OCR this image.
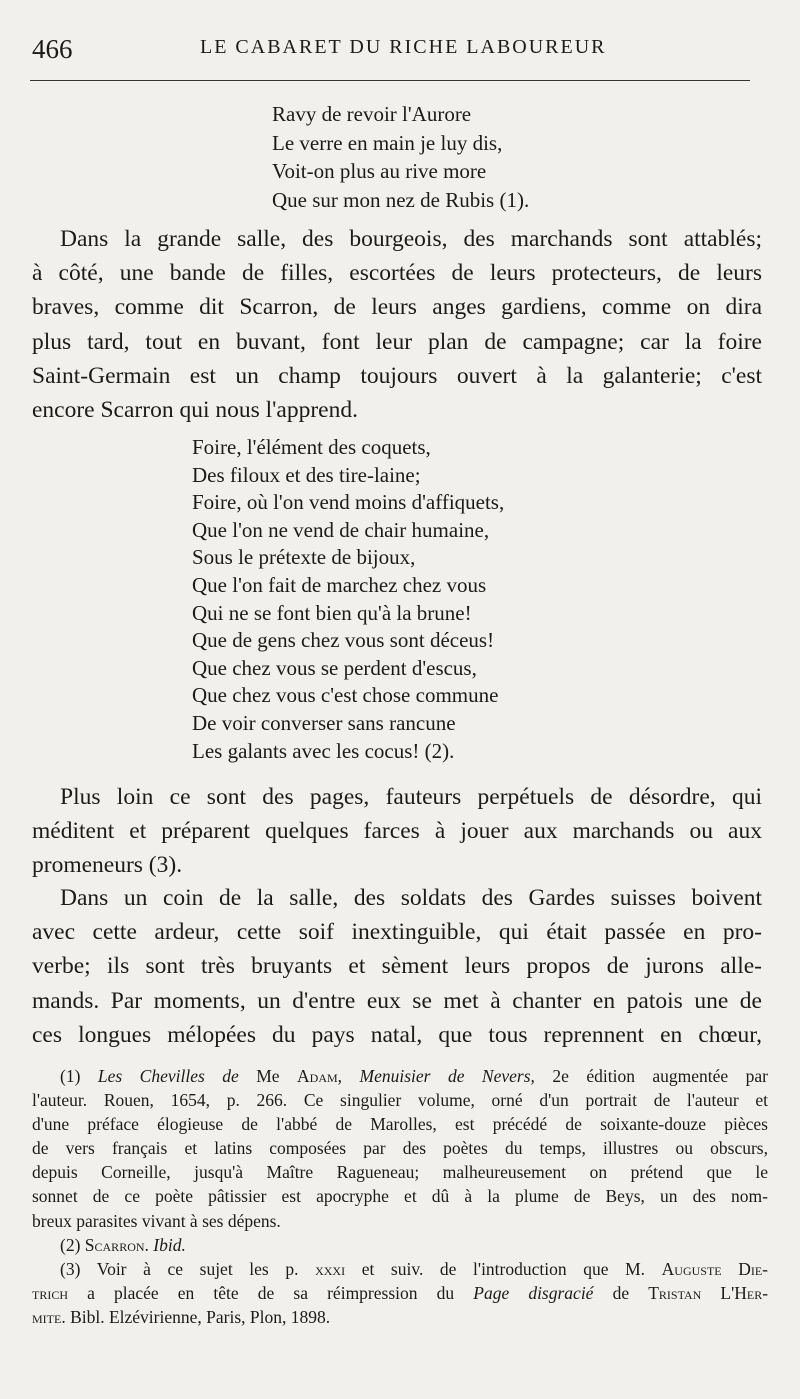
466	LE CABARET DU RICHE LABOUREUR
Ravy de revoir l'Aurore
Le verre en main je luy dis,
Voit-on plus au rive more
Que sur mon nez de Rubis (1).
Dans la grande salle, des bourgeois, des marchands sont attablés;
à côté, une bande de filles, escortées de leurs protecteurs, de leurs
braves, comme dit Scarron, de leurs anges gardiens, comme on dira
plus tard, tout en buvant, font leur plan de campagne; car la foire
Saint-Germain est un champ toujours ouvert à la galanterie; c'est
encore Scarron qui nous l'apprend.
Foire, l'élément des coquets,
Des filoux et des tire-laine;
Foire, où l'on vend moins d'affiquets,
Que l'on ne vend de chair humaine,
Sous le prétexte de bijoux,
Que l'on fait de marchez chez vous
Qui ne se font bien qu'à la brune!
Que de gens chez vous sont déceus!
Que chez vous se perdent d'escus,
Que chez vous c'est chose commune
De voir converser sans rancune
Les galants avec les cocus! (2).
Plus loin ce sont des pages, fauteurs perpétuels de désordre, qui
méditent et préparent quelques farces à jouer aux marchands ou aux
promeneurs (3).
Dans un coin de la salle, des soldats des Gardes suisses boivent
avec cette ardeur, cette soif inextinguible, qui était passée en pro-
verbe; ils sont très bruyants et sèment leurs propos de jurons alle-
mands. Par moments, un d'entre eux se met à chanter en patois une de
ces longues mélopées du pays natal, que tous reprennent en chœur,
(1) Les Chevilles de Me Adam, Menuisier de Nevers, 2e édition augmentée par
l'auteur. Rouen, 1654, p. 266. Ce singulier volume, orné d'un portrait de l'auteur et
d'une préface élogieuse de l'abbé de Marolles, est précédé de soixante-douze pièces
de vers français et latins composées par des poètes du temps, illustres ou obscurs,
depuis Corneille, jusqu'à Maître Ragueneau; malheureusement on prétend que le
sonnet de ce poète pâtissier est apocryphe et dû à la plume de Beys, un des nom-
breux parasites vivant à ses dépens.
(2) Scarron. Ibid.
(3) Voir à ce sujet les p. xxxi et suiv. de l'introduction que M. Auguste Die-
trich a placée en tête de sa réimpression du Page disgracié de Tristan L'Her-
mite. Bibl. Elzévirienne, Paris, Plon, 1898.
